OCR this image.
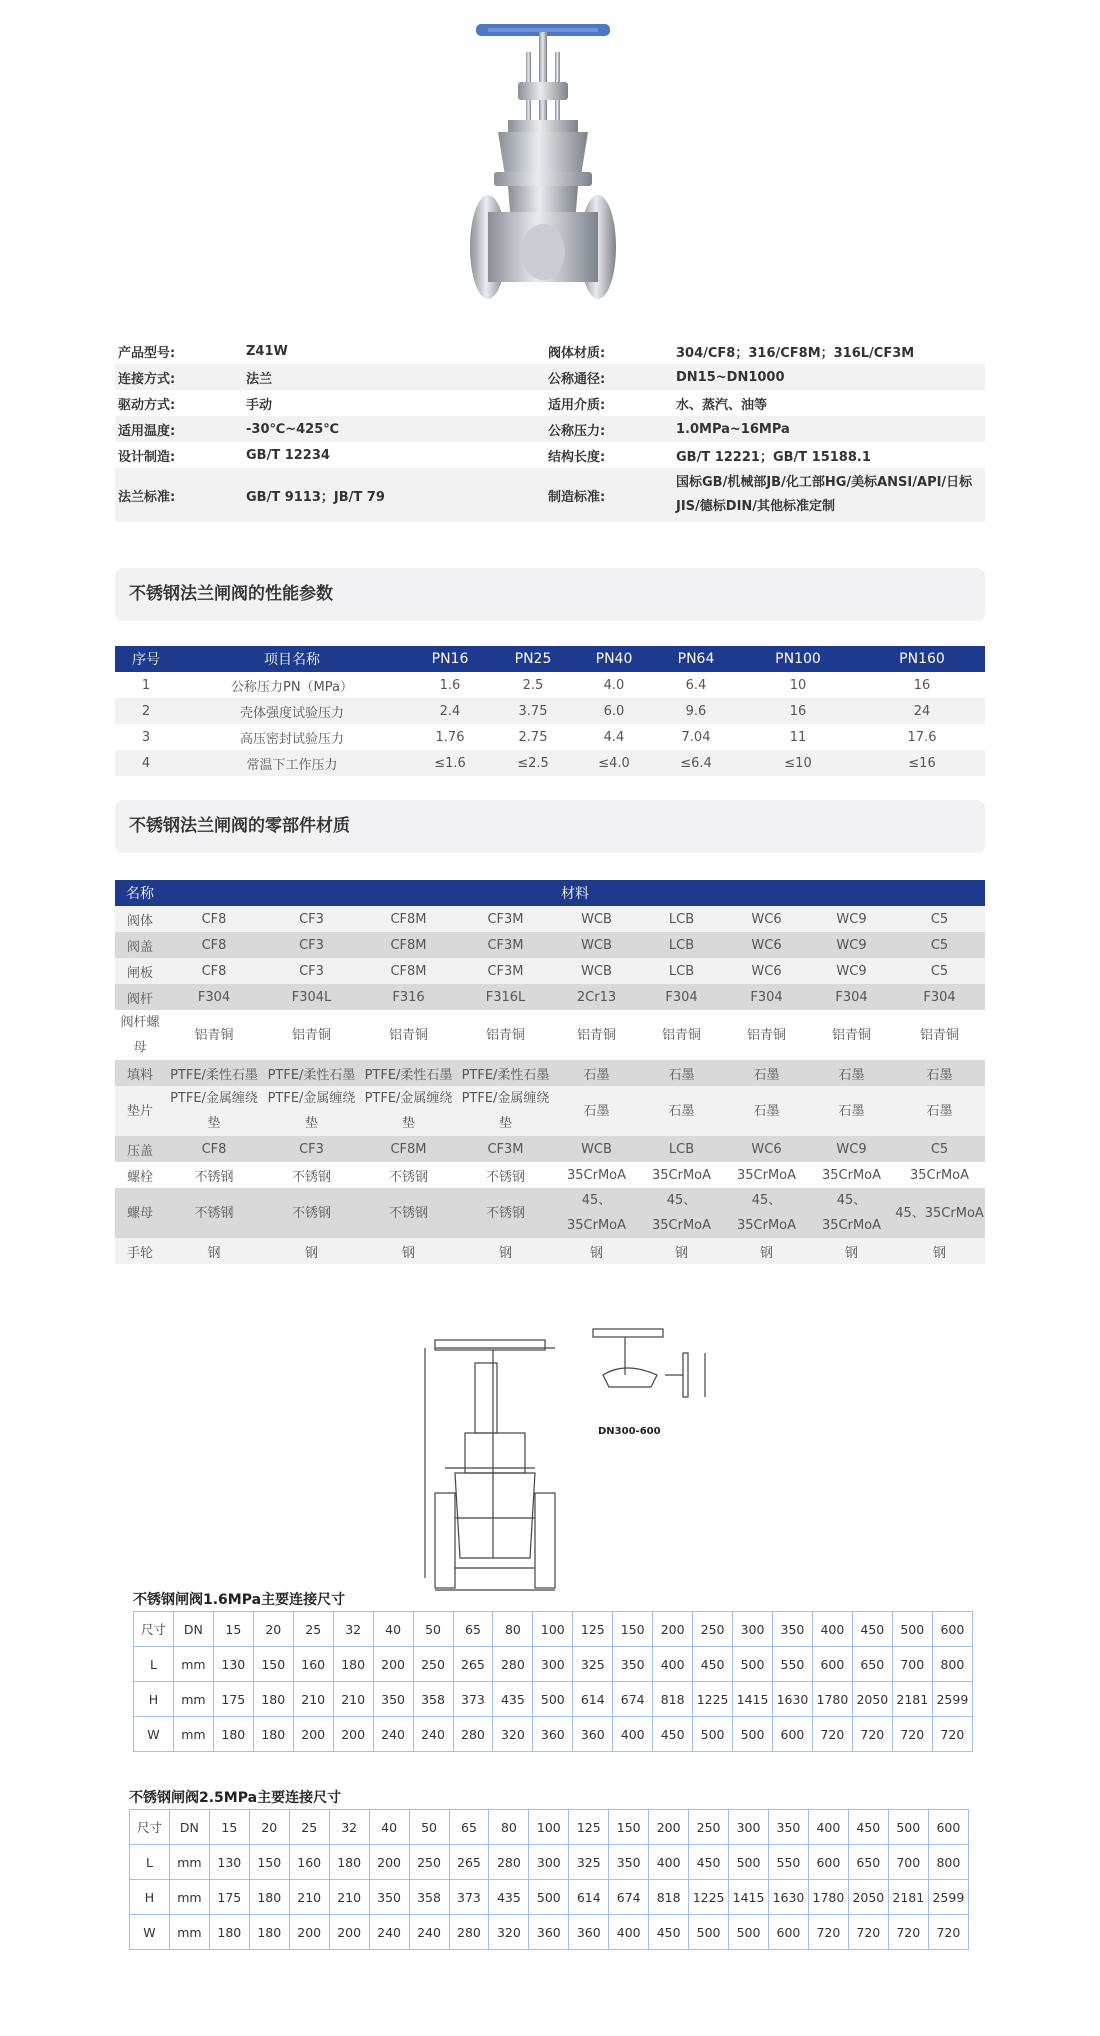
产品型号:	Z41W	阀体材质:	304/CF8；316/CF8M；316L/CF3M
连接方式:	法兰	公称通径:	DN15~DN1000
驱动方式:	手动	适用介质:	水、蒸汽、油等
适用温度:	-30℃~425℃	公称压力:	1.0MPa~16MPa
设计制造:	GB/T 12234	结构长度:	GB/T 12221；GB/T 15188.1
法兰标准:	GB/T 9113；JB/T 79	制造标准:	国标GB/机械部JB/化工部HG/美标ANSI/API/日标JIS/德标DIN/其他标准定制
不锈钢法兰闸阀的性能参数
序号	项目名称	PN16	PN25	PN40	PN64	PN100	PN160
1	公称压力PN（MPa）	1.6	2.5	4.0	6.4	10	16
2	壳体强度试验压力	2.4	3.75	6.0	9.6	16	24
3	高压密封试验压力	1.76	2.75	4.4	7.04	11	17.6
4	常温下工作压力	≤1.6	≤2.5	≤4.0	≤6.4	≤10	≤16
不锈钢法兰闸阀的零部件材质
名称	材料								
阀体	CF8	CF3	CF8M	CF3M	WCB	LCB	WC6	WC9	C5
阀盖	CF8	CF3	CF8M	CF3M	WCB	LCB	WC6	WC9	C5
闸板	CF8	CF3	CF8M	CF3M	WCB	LCB	WC6	WC9	C5
阀杆	F304	F304L	F316	F316L	2Cr13	F304	F304	F304	F304
阀杆螺母	铝青铜	铝青铜	铝青铜	铝青铜	铝青铜	铝青铜	铝青铜	铝青铜	铝青铜
填料	PTFE/柔性石墨	PTFE/柔性石墨	PTFE/柔性石墨	PTFE/柔性石墨	石墨	石墨	石墨	石墨	石墨
垫片	PTFE/金属缠绕垫	PTFE/金属缠绕垫	PTFE/金属缠绕垫	PTFE/金属缠绕垫	石墨	石墨	石墨	石墨	石墨
压盖	CF8	CF3	CF8M	CF3M	WCB	LCB	WC6	WC9	C5
螺栓	不锈钢	不锈钢	不锈钢	不锈钢	35CrMoA	35CrMoA	35CrMoA	35CrMoA	35CrMoA
螺母	不锈钢	不锈钢	不锈钢	不锈钢	45、35CrMoA	45、35CrMoA	45、35CrMoA	45、35CrMoA	45、35CrMoA
手轮	钢	钢	钢	钢	钢	钢	钢	钢	钢
DN300-600
不锈钢闸阀1.6MPa主要连接尺寸
尺寸	DN	15	20	25	32	40	50	65	80	100	125	150	200	250	300	350	400	450	500	600
L	mm	130	150	160	180	200	250	265	280	300	325	350	400	450	500	550	600	650	700	800
H	mm	175	180	210	210	350	358	373	435	500	614	674	818	1225	1415	1630	1780	2050	2181	2599
W	mm	180	180	200	200	240	240	280	320	360	360	400	450	500	500	600	720	720	720	720
不锈钢闸阀2.5MPa主要连接尺寸
尺寸	DN	15	20	25	32	40	50	65	80	100	125	150	200	250	300	350	400	450	500	600
L	mm	130	150	160	180	200	250	265	280	300	325	350	400	450	500	550	600	650	700	800
H	mm	175	180	210	210	350	358	373	435	500	614	674	818	1225	1415	1630	1780	2050	2181	2599
W	mm	180	180	200	200	240	240	280	320	360	360	400	450	500	500	600	720	720	720	720
